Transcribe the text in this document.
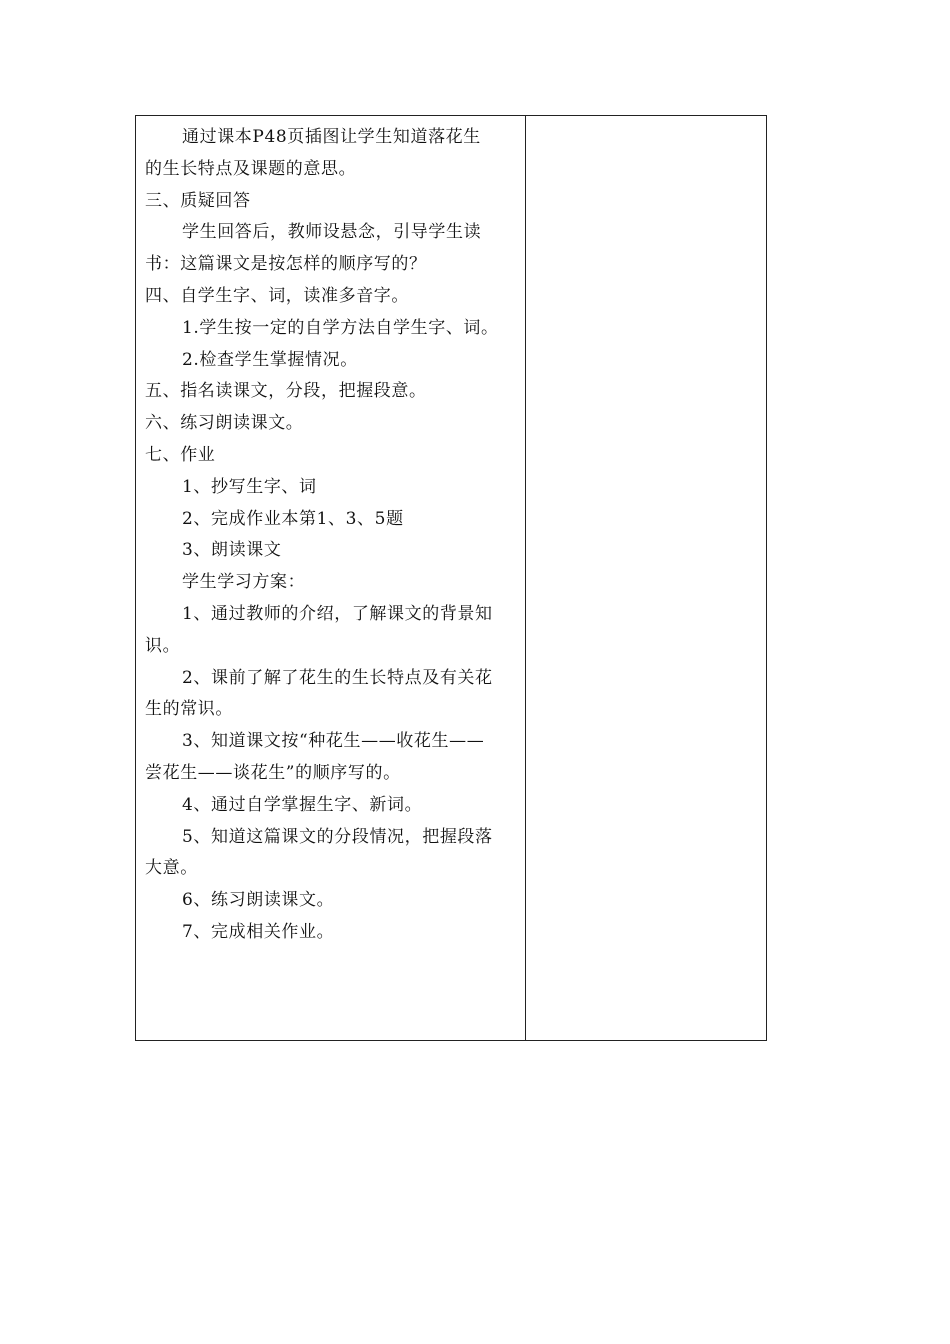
通过课本P48页插图让学生知道落花生
的生长特点及课题的意思。
三、质疑回答
学生回答后，教师设悬念，引导学生读
书：这篇课文是按怎样的顺序写的？
四、自学生字、词，读准多音字。
1.学生按一定的自学方法自学生字、词。
2.检查学生掌握情况。
五、指名读课文，分段，把握段意。
六、练习朗读课文。
七、作业
1、抄写生字、词
2、完成作业本第1、3、5题
3、朗读课文
学生学习方案：
1、通过教师的介绍，了解课文的背景知
识。
2、课前了解了花生的生长特点及有关花
生的常识。
3、知道课文按“种花生——收花生——
尝花生——谈花生”的顺序写的。
4、通过自学掌握生字、新词。
5、知道这篇课文的分段情况，把握段落
大意。
6、练习朗读课文。
7、完成相关作业。
